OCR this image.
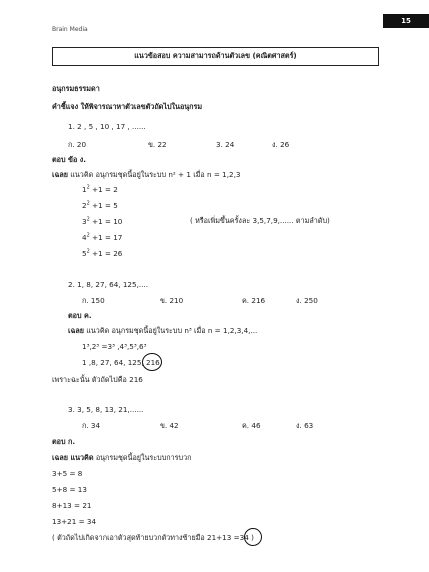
Brain Media
15
แนวข้อสอบ ความสามารถด้านตัวเลข (คณิตศาสตร์)
อนุกรมธรรมดา
คำชี้แจง ให้พิจารณาหาตัวเลขตัวถัดไปในอนุกรม
1. 2 , 5 , 10 , 17 , ......
ก. 20	ข. 22	3. 24	ง. 26
ตอบ ข้อ ง.
เฉลย แนวคิด อนุกรมชุดนี้อยู่ในระบบ n² + 1 เมื่อ n = 1,2,3
$1^2 +1 = 2$
$2^2 +1 = 5$
$3^2 +1 = 10$
$4^2 +1 = 17$
$5^2 +1 = 26$
( หรือเพิ่มขึ้นครั้งละ 3,5,7,9,...... ตามลำดับ)
2. 1, 8, 27, 64, 125,....
ก. 150	ข. 210	ค. 216	ง. 250
ตอบ ค.
เฉลย แนวคิด อนุกรมชุดนี้อยู่ในระบบ n³ เมื่อ n = 1,2,3,4,...
1³,2³ =3³ ,4³,5³,6³
1 ,8, 27, 64, 125, 216
เพราะฉะนั้น ตัวถัดไปคือ 216
3. 3, 5, 8, 13, 21,......
ก. 34	ข. 42	ค. 46	ง. 63
ตอบ ก.
เฉลย แนวคิด อนุกรมชุดนี้อยู่ในระบบการบวก
3+5 = 8
5+8 = 13
8+13 = 21
13+21 = 34
( ตัวถัดไปเกิดจากเอาตัวสุดท้ายบวกตัวทางซ้ายมือ 21+13 =34 )
